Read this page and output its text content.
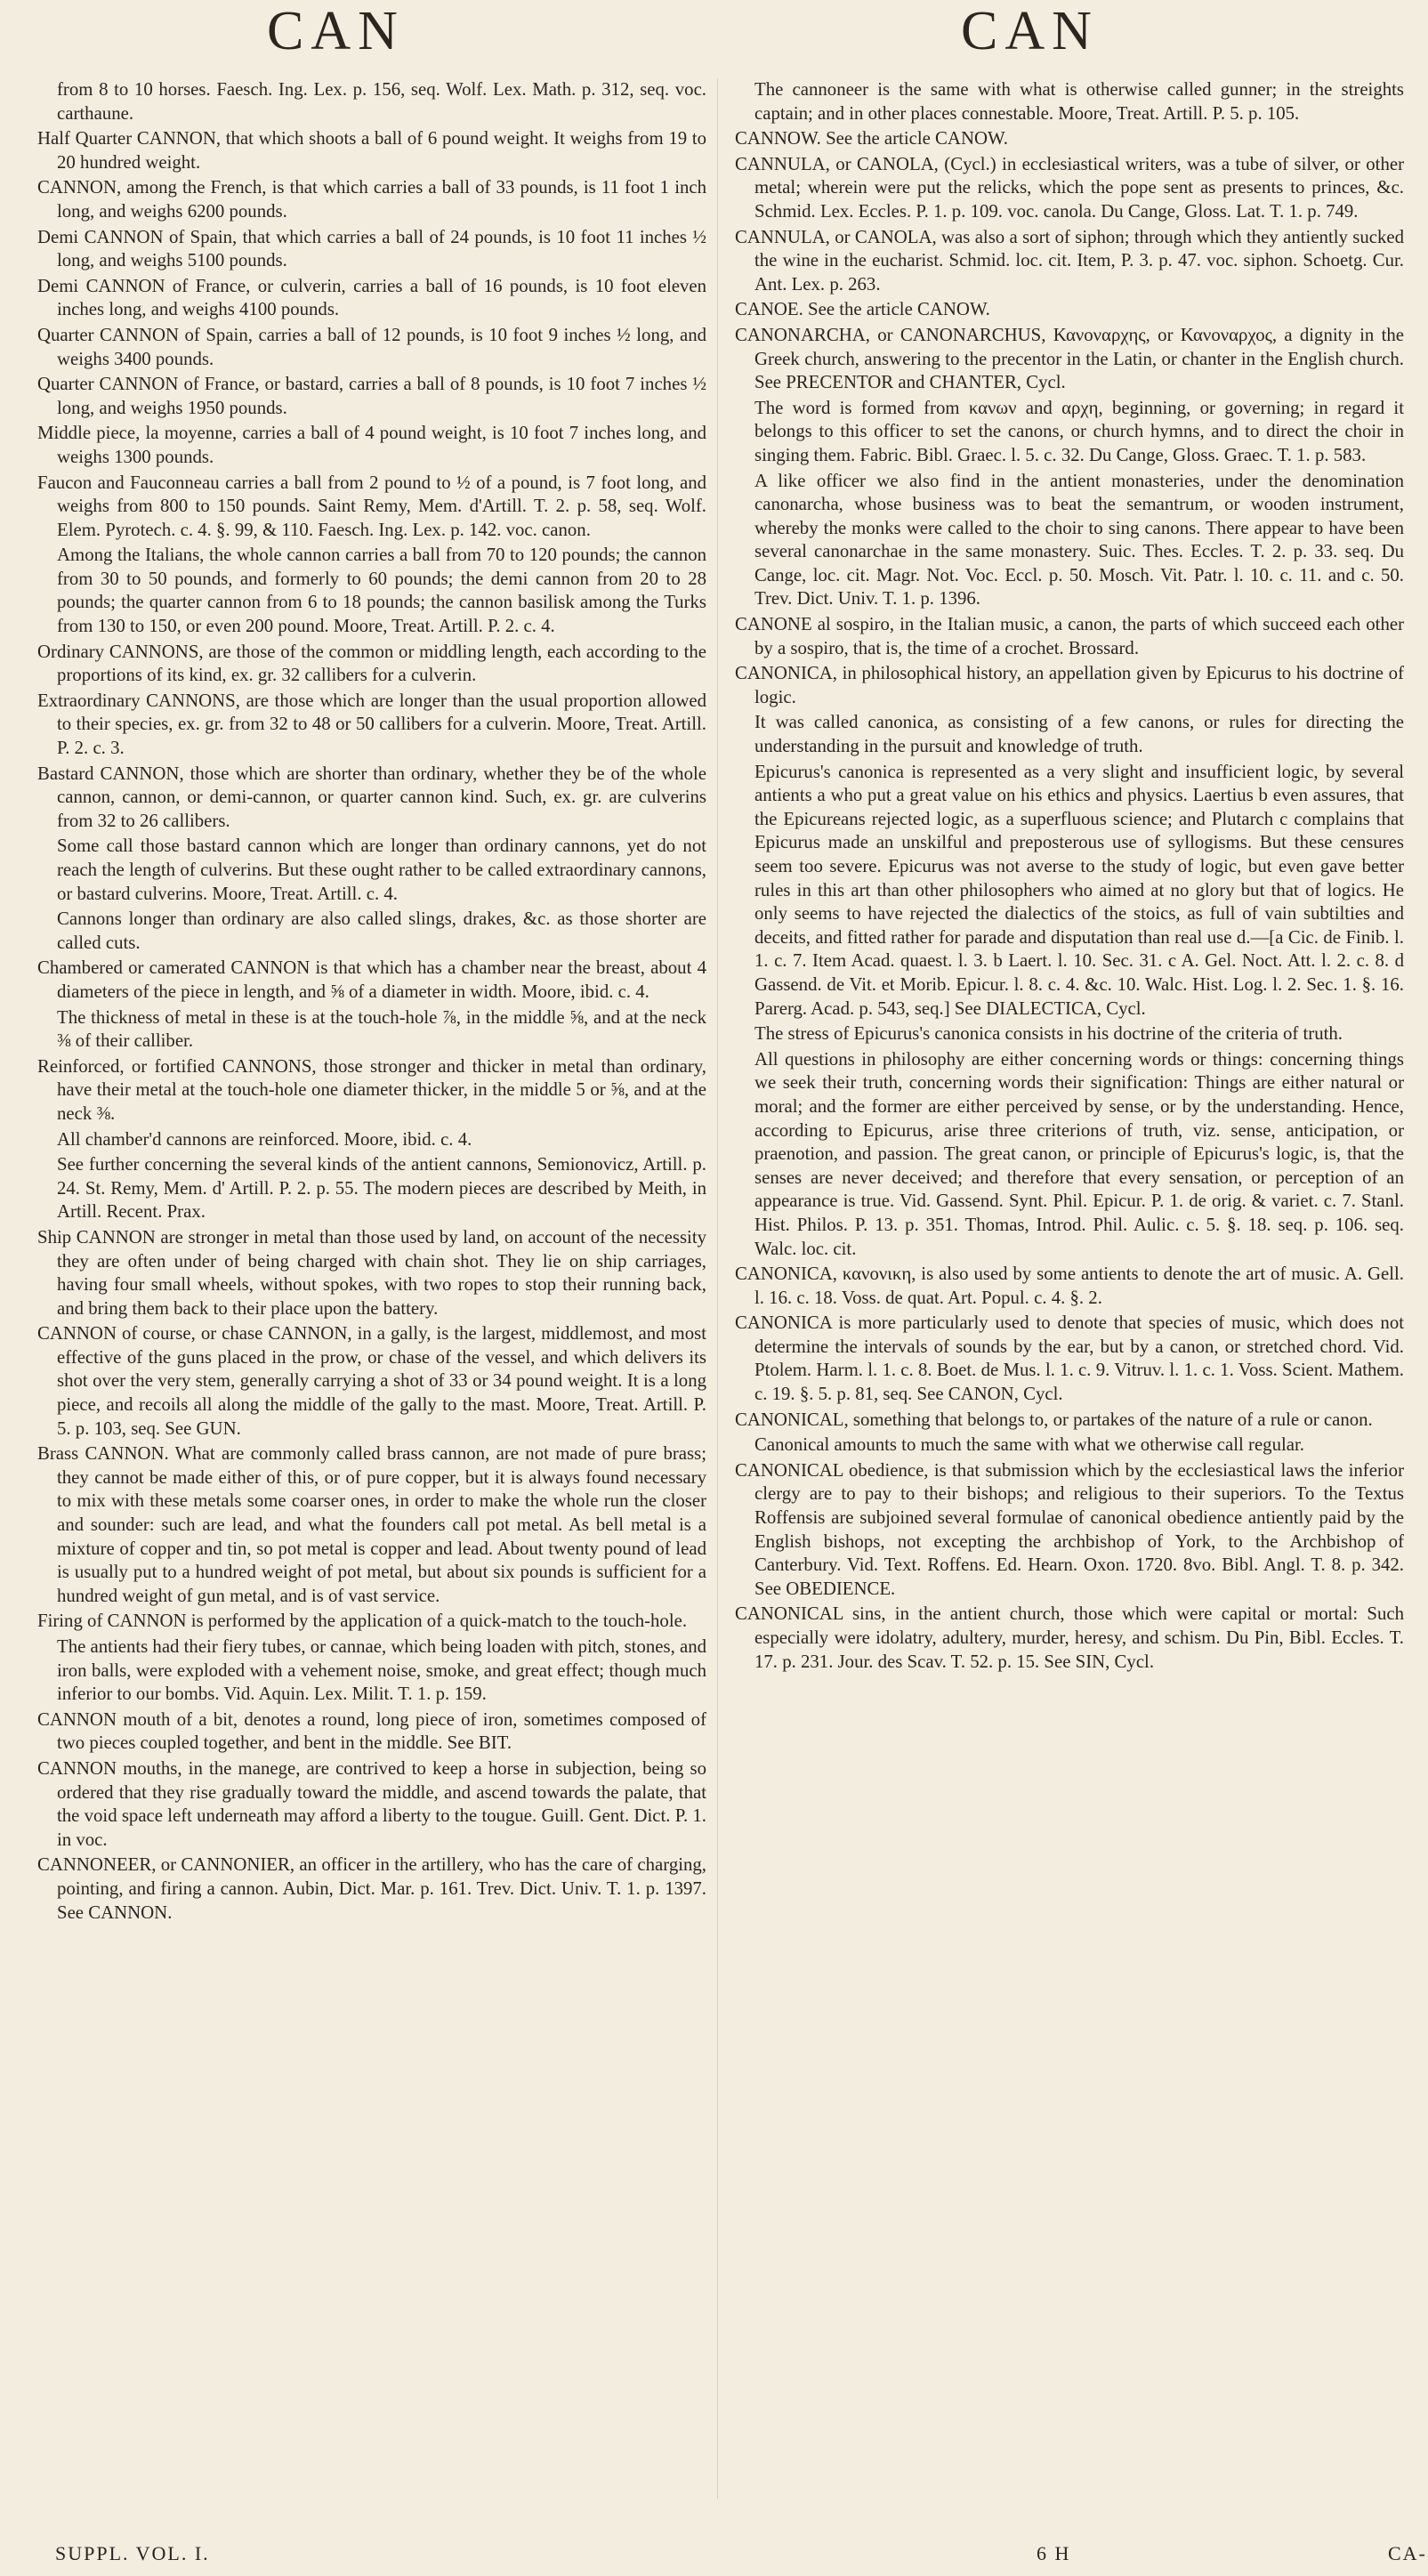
CAN	CAN

from 8 to 10 horses. Faesch. Ing. Lex. p. 156, seq. Wolf. Lex. Math. p. 312, seq. voc. carthaune.

Half Quarter CANNON, that which shoots a ball of 6 pound weight. It weighs from 19 to 20 hundred weight.

CANNON, among the French, is that which carries a ball of 33 pounds, is 11 foot 1 inch long, and weighs 6200 pounds.

Demi CANNON of Spain, that which carries a ball of 24 pounds, is 10 foot 11 inches ½ long, and weighs 5100 pounds.

Demi CANNON of France, or culverin, carries a ball of 16 pounds, is 10 foot eleven inches long, and weighs 4100 pounds.

Quarter CANNON of Spain, carries a ball of 12 pounds, is 10 foot 9 inches ½ long, and weighs 3400 pounds.

Quarter CANNON of France, or bastard, carries a ball of 8 pounds, is 10 foot 7 inches ½ long, and weighs 1950 pounds.

Middle piece, la moyenne, carries a ball of 4 pound weight, is 10 foot 7 inches long, and weighs 1300 pounds.

Faucon and Fauconneau carries a ball from 2 pound to ½ of a pound, is 7 foot long, and weighs from 800 to 150 pounds. Saint Remy, Mem. d'Artill. T. 2. p. 58, seq. Wolf. Elem. Pyrotech. c. 4. §. 99, & 110. Faesch. Ing. Lex. p. 142. voc. canon.

Among the Italians, the whole cannon carries a ball from 70 to 120 pounds; the cannon from 30 to 50 pounds, and formerly to 60 pounds; the demi cannon from 20 to 28 pounds; the quarter cannon from 6 to 18 pounds; the cannon basilisk among the Turks from 130 to 150, or even 200 pound. Moore, Treat. Artill. P. 2. c. 4.

Ordinary CANNONS, are those of the common or middling length, each according to the proportions of its kind, ex. gr. 32 callibers for a culverin.

Extraordinary CANNONS, are those which are longer than the usual proportion allowed to their species, ex. gr. from 32 to 48 or 50 callibers for a culverin. Moore, Treat. Artill. P. 2. c. 3.

Bastard CANNON, those which are shorter than ordinary, whether they be of the whole cannon, cannon, or demi-cannon, or quarter cannon kind. Such, ex. gr. are culverins from 32 to 26 callibers.

Some call those bastard cannon which are longer than ordinary cannons, yet do not reach the length of culverins. But these ought rather to be called extraordinary cannons, or bastard culverins. Moore, Treat. Artill. c. 4.

Cannons longer than ordinary are also called slings, drakes, &c. as those shorter are called cuts.

Chambered or camerated CANNON is that which has a chamber near the breast, about 4 diameters of the piece in length, and ⅝ of a diameter in width. Moore, ibid. c. 4.

The thickness of metal in these is at the touch-hole ⅞, in the middle ⅝, and at the neck ⅜ of their calliber.

Reinforced, or fortified CANNONS, those stronger and thicker in metal than ordinary, have their metal at the touch-hole one diameter thicker, in the middle 5 or ⅝, and at the neck ⅜.

All chamber'd cannons are reinforced. Moore, ibid. c. 4.

See further concerning the several kinds of the antient cannons, Semionovicz, Artill. p. 24. St. Remy, Mem. d' Artill. P. 2. p. 55. The modern pieces are described by Meith, in Artill. Recent. Prax.

Ship CANNON are stronger in metal than those used by land, on account of the necessity they are often under of being charged with chain shot. They lie on ship carriages, having four small wheels, without spokes, with two ropes to stop their running back, and bring them back to their place upon the battery.

CANNON of course, or chase CANNON, in a gally, is the largest, middlemost, and most effective of the guns placed in the prow, or chase of the vessel, and which delivers its shot over the very stem, generally carrying a shot of 33 or 34 pound weight. It is a long piece, and recoils all along the middle of the gally to the mast. Moore, Treat. Artill. P. 5. p. 103, seq. See GUN.

Brass CANNON. What are commonly called brass cannon, are not made of pure brass; they cannot be made either of this, or of pure copper, but it is always found necessary to mix with these metals some coarser ones, in order to make the whole run the closer and sounder: such are lead, and what the founders call pot metal. As bell metal is a mixture of copper and tin, so pot metal is copper and lead. About twenty pound of lead is usually put to a hundred weight of pot metal, but about six pounds is sufficient for a hundred weight of gun metal, and is of vast service.

Firing of CANNON is performed by the application of a quick-match to the touch-hole.

The antients had their fiery tubes, or cannae, which being loaden with pitch, stones, and iron balls, were exploded with a vehement noise, smoke, and great effect; though much inferior to our bombs. Vid. Aquin. Lex. Milit. T. 1. p. 159.

CANNON mouth of a bit, denotes a round, long piece of iron, sometimes composed of two pieces coupled together, and bent in the middle. See BIT.

CANNON mouths, in the manege, are contrived to keep a horse in subjection, being so ordered that they rise gradually toward the middle, and ascend towards the palate, that the void space left underneath may afford a liberty to the tougue. Guill. Gent. Dict. P. 1. in voc.

CANNONEER, or CANNONIER, an officer in the artillery, who has the care of charging, pointing, and firing a cannon. Aubin, Dict. Mar. p. 161. Trev. Dict. Univ. T. 1. p. 1397. See CANNON.

The cannoneer is the same with what is otherwise called gunner; in the streights captain; and in other places connestable. Moore, Treat. Artill. P. 5. p. 105.

CANNOW. See the article CANOW.

CANNULA, or CANOLA, (Cycl.) in ecclesiastical writers, was a tube of silver, or other metal; wherein were put the relicks, which the pope sent as presents to princes, &c. Schmid. Lex. Eccles. P. 1. p. 109. voc. canola. Du Cange, Gloss. Lat. T. 1. p. 749.

CANNULA, or CANOLA, was also a sort of siphon; through which they antiently sucked the wine in the eucharist. Schmid. loc. cit. Item, P. 3. p. 47. voc. siphon. Schoetg. Cur. Ant. Lex. p. 263.

CANOE. See the article CANOW.

CANONARCHA, or CANONARCHUS, Κανοναρχης, or Κανοναρχος, a dignity in the Greek church, answering to the precentor in the Latin, or chanter in the English church. See PRECENTOR and CHANTER, Cycl.

The word is formed from κανων and αρχη, beginning, or governing; in regard it belongs to this officer to set the canons, or church hymns, and to direct the choir in singing them. Fabric. Bibl. Graec. l. 5. c. 32. Du Cange, Gloss. Graec. T. 1. p. 583.

A like officer we also find in the antient monasteries, under the denomination canonarcha, whose business was to beat the semantrum, or wooden instrument, whereby the monks were called to the choir to sing canons. There appear to have been several canonarchae in the same monastery. Suic. Thes. Eccles. T. 2. p. 33. seq. Du Cange, loc. cit. Magr. Not. Voc. Eccl. p. 50. Mosch. Vit. Patr. l. 10. c. 11. and c. 50. Trev. Dict. Univ. T. 1. p. 1396.

CANONE al sospiro, in the Italian music, a canon, the parts of which succeed each other by a sospiro, that is, the time of a crochet. Brossard.

CANONICA, in philosophical history, an appellation given by Epicurus to his doctrine of logic.

It was called canonica, as consisting of a few canons, or rules for directing the understanding in the pursuit and knowledge of truth.

Epicurus's canonica is represented as a very slight and insufficient logic, by several antients a who put a great value on his ethics and physics. Laertius b even assures, that the Epicureans rejected logic, as a superfluous science; and Plutarch c complains that Epicurus made an unskilful and preposterous use of syllogisms. But these censures seem too severe. Epicurus was not averse to the study of logic, but even gave better rules in this art than other philosophers who aimed at no glory but that of logics. He only seems to have rejected the dialectics of the stoics, as full of vain subtilties and deceits, and fitted rather for parade and disputation than real use d.—[a Cic. de Finib. l. 1. c. 7. Item Acad. quaest. l. 3. b Laert. l. 10. Sec. 31. c A. Gel. Noct. Att. l. 2. c. 8. d Gassend. de Vit. et Morib. Epicur. l. 8. c. 4. &c. 10. Walc. Hist. Log. l. 2. Sec. 1. §. 16. Parerg. Acad. p. 543, seq.] See DIALECTICA, Cycl.

The stress of Epicurus's canonica consists in his doctrine of the criteria of truth.

All questions in philosophy are either concerning words or things: concerning things we seek their truth, concerning words their signification: Things are either natural or moral; and the former are either perceived by sense, or by the understanding. Hence, according to Epicurus, arise three criterions of truth, viz. sense, anticipation, or praenotion, and passion. The great canon, or principle of Epicurus's logic, is, that the senses are never deceived; and therefore that every sensation, or perception of an appearance is true. Vid. Gassend. Synt. Phil. Epicur. P. 1. de orig. & variet. c. 7. Stanl. Hist. Philos. P. 13. p. 351. Thomas, Introd. Phil. Aulic. c. 5. §. 18. seq. p. 106. seq. Walc. loc. cit.

CANONICA, κανονικη, is also used by some antients to denote the art of music. A. Gell. l. 16. c. 18. Voss. de quat. Art. Popul. c. 4. §. 2.

CANONICA is more particularly used to denote that species of music, which does not determine the intervals of sounds by the ear, but by a canon, or stretched chord. Vid. Ptolem. Harm. l. 1. c. 8. Boet. de Mus. l. 1. c. 9. Vitruv. l. 1. c. 1. Voss. Scient. Mathem. c. 19. §. 5. p. 81, seq. See CANON, Cycl.

CANONICAL, something that belongs to, or partakes of the nature of a rule or canon.

Canonical amounts to much the same with what we otherwise call regular.

CANONICAL obedience, is that submission which by the ecclesiastical laws the inferior clergy are to pay to their bishops; and religious to their superiors. To the Textus Roffensis are subjoined several formulae of canonical obedience antiently paid by the English bishops, not excepting the archbishop of York, to the Archbishop of Canterbury. Vid. Text. Roffens. Ed. Hearn. Oxon. 1720. 8vo. Bibl. Angl. T. 8. p. 342. See OBEDIENCE.

CANONICAL sins, in the antient church, those which were capital or mortal: Such especially were idolatry, adultery, murder, heresy, and schism. Du Pin, Bibl. Eccles. T. 17. p. 231. Jour. des Scav. T. 52. p. 15. See SIN, Cycl.

SUPPL. VOL. I.	6 H	CA-
